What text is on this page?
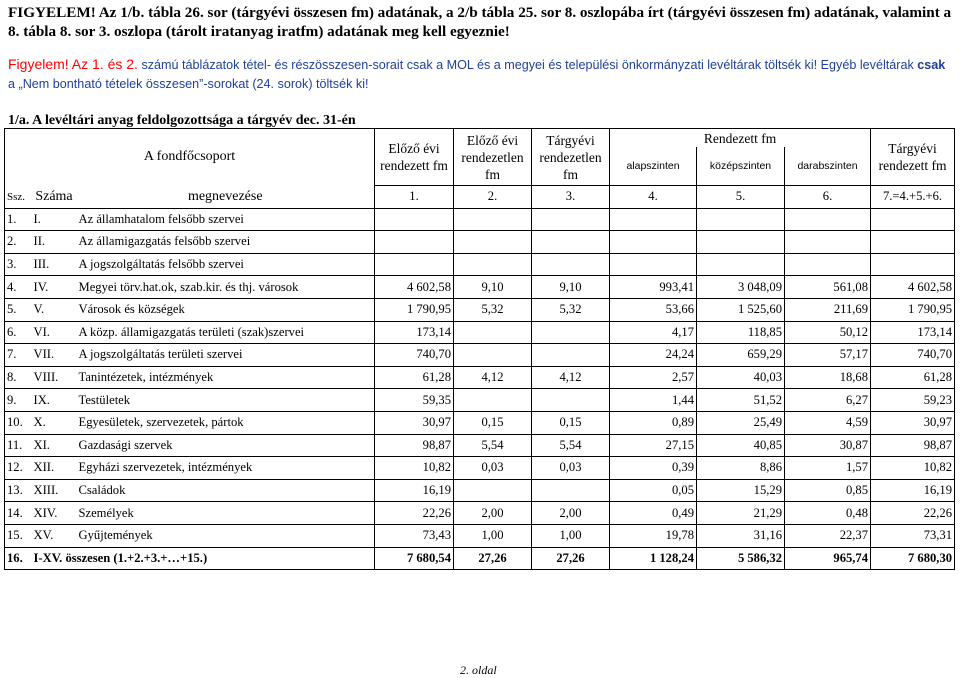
FIGYELEM! Az 1/b. tábla 26. sor (tárgyévi összesen fm) adatának, a 2/b tábla 25. sor 8. oszlopába írt (tárgyévi összesen fm) adatának, valamint a 8. tábla 8. sor 3. oszlopa (tárolt iratanyag iratfm) adatának meg kell egyeznie!
Figyelem! Az 1. és 2. számú táblázatok tétel- és részösszesen-sorait csak a MOL és a megyei és települési önkormányzati levéltárak töltsék ki! Egyéb levéltárak csak a „Nem bontható tételek összesen”-sorokat (24. sorok) töltsék ki!
1/a. A levéltári anyag feldolgozottsága a tárgyév dec. 31-én
A fondfőcsoport			Előző évi rendezett fm	Előző évi rendezetlen fm	Tárgyévi rendezetlen fm	Rendezett fm			Tárgyévi rendezett fm
						alapszinten	középszinten	darabszinten	
Ssz.	Száma	megnevezése	1.	2.	3.	4.	5.	6.	7.=4.+5.+6.
1.	I.	Az államhatalom felsőbb szervei							
2.	II.	Az államigazgatás felsőbb szervei							
3.	III.	A jogszolgáltatás felsőbb szervei							
4.	IV.	Megyei törv.hat.ok, szab.kir. és thj. városok	4 602,58	9,10	9,10	993,41	3 048,09	561,08	4 602,58
5.	V.	Városok és községek	1 790,95	5,32	5,32	53,66	1 525,60	211,69	1 790,95
6.	VI.	A közp. államigazgatás területi (szak)szervei	173,14			4,17	118,85	50,12	173,14
7.	VII.	A jogszolgáltatás területi szervei	740,70			24,24	659,29	57,17	740,70
8.	VIII.	Tanintézetek, intézmények	61,28	4,12	4,12	2,57	40,03	18,68	61,28
9.	IX.	Testületek	59,35			1,44	51,52	6,27	59,23
10.	X.	Egyesületek, szervezetek, pártok	30,97	0,15	0,15	0,89	25,49	4,59	30,97
11.	XI.	Gazdasági szervek	98,87	5,54	5,54	27,15	40,85	30,87	98,87
12.	XII.	Egyházi szervezetek, intézmények	10,82	0,03	0,03	0,39	8,86	1,57	10,82
13.	XIII.	Családok	16,19			0,05	15,29	0,85	16,19
14.	XIV.	Személyek	22,26	2,00	2,00	0,49	21,29	0,48	22,26
15.	XV.	Gyűjtemények	73,43	1,00	1,00	19,78	31,16	22,37	73,31
16.	I-XV. összesen (1.+2.+3.+…+15.)		7 680,54	27,26	27,26	1 128,24	5 586,32	965,74	7 680,30
2. oldal
